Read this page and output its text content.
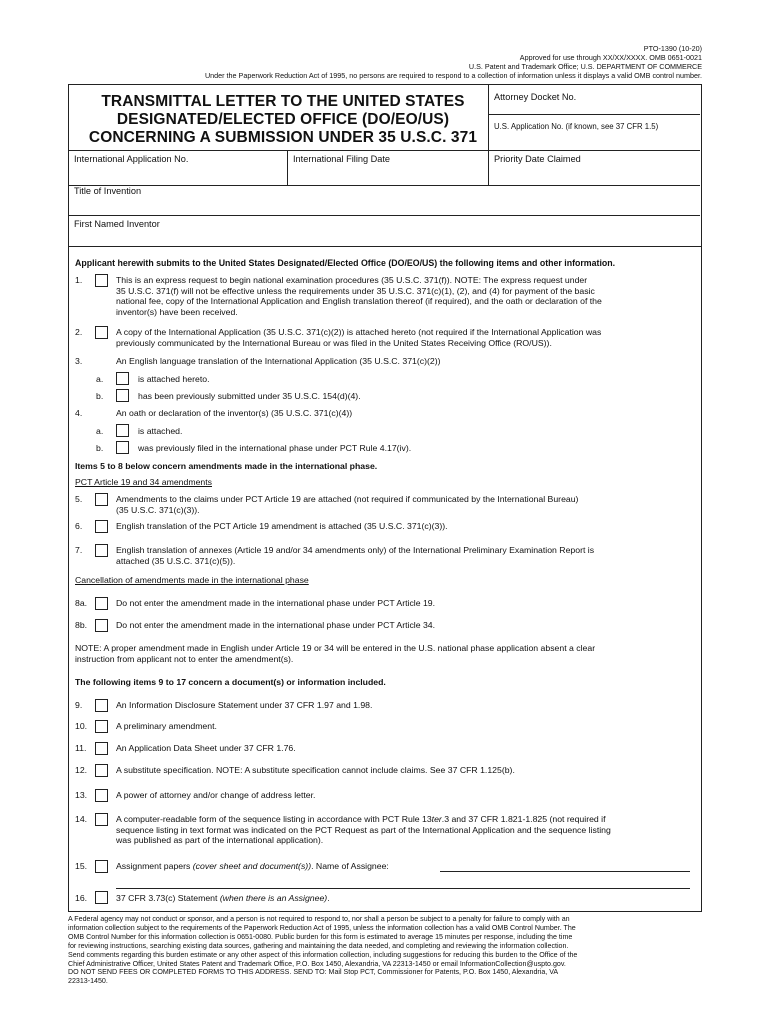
PTO-1390 (10-20)
Approved for use through XX/XX/XXXX. OMB 0651-0021
U.S. Patent and Trademark Office; U.S. DEPARTMENT OF COMMERCE
Under the Paperwork Reduction Act of 1995, no persons are required to respond to a collection of information unless it displays a valid OMB control number.
TRANSMITTAL LETTER TO THE UNITED STATES
DESIGNATED/ELECTED OFFICE (DO/EO/US)
CONCERNING A SUBMISSION UNDER 35 U.S.C. 371
Attorney Docket No.
U.S. Application No. (if known, see 37 CFR 1.5)
International Application No.	International Filing Date	Priority Date Claimed
Title of Invention
First Named Inventor
Applicant herewith submits to the United States Designated/Elected Office (DO/EO/US) the following items and other information.
1.	This is an express request to begin national examination procedures (35 U.S.C. 371(f)). NOTE: The express request under
35 U.S.C. 371(f) will not be effective unless the requirements under 35 U.S.C. 371(c)(1), (2), and (4) for payment of the basic
national fee, copy of the International Application and English translation thereof (if required), and the oath or declaration of the
inventor(s) have been received.
2.	A copy of the International Application (35 U.S.C. 371(c)(2)) is attached hereto (not required if the International Application was
previously communicated by the International Bureau or was filed in the United States Receiving Office (RO/US)).
3.	An English language translation of the International Application (35 U.S.C. 371(c)(2))
a.	is attached hereto.
b.	has been previously submitted under 35 U.S.C. 154(d)(4).
4.	An oath or declaration of the inventor(s) (35 U.S.C. 371(c)(4))
a.	is attached.
b.	was previously filed in the international phase under PCT Rule 4.17(iv).
Items 5 to 8 below concern amendments made in the international phase.
PCT Article 19 and 34 amendments
5.	Amendments to the claims under PCT Article 19 are attached (not required if communicated by the International Bureau)
(35 U.S.C. 371(c)(3)).
6.	English translation of the PCT Article 19 amendment is attached (35 U.S.C. 371(c)(3)).
7.	English translation of annexes (Article 19 and/or 34 amendments only) of the International Preliminary Examination Report is
attached (35 U.S.C. 371(c)(5)).
Cancellation of amendments made in the international phase
8a.	Do not enter the amendment made in the international phase under PCT Article 19.
8b.	Do not enter the amendment made in the international phase under PCT Article 34.
NOTE: A proper amendment made in English under Article 19 or 34 will be entered in the U.S. national phase application absent a clear
instruction from applicant not to enter the amendment(s).
The following items 9 to 17 concern a document(s) or information included.
9.	An Information Disclosure Statement under 37 CFR 1.97 and 1.98.
10.	A preliminary amendment.
11.	An Application Data Sheet under 37 CFR 1.76.
12.	A substitute specification. NOTE: A substitute specification cannot include claims. See 37 CFR 1.125(b).
13.	A power of attorney and/or change of address letter.
14.	A computer-readable form of the sequence listing in accordance with PCT Rule 13ter.3 and 37 CFR 1.821-1.825 (not required if
sequence listing in text format was indicated on the PCT Request as part of the International Application and the sequence listing
was published as part of the international application).
15.	Assignment papers (cover sheet and document(s)). Name of Assignee:
16.	37 CFR 3.73(c) Statement (when there is an Assignee).
A Federal agency may not conduct or sponsor, and a person is not required to respond to, nor shall a person be subject to a penalty for failure to comply with an
information collection subject to the requirements of the Paperwork Reduction Act of 1995, unless the information collection has a valid OMB Control Number. The
OMB Control Number for this information collection is 0651-0080. Public burden for this form is estimated to average 15 minutes per response, including the time
for reviewing instructions, searching existing data sources, gathering and maintaining the data needed, and completing and reviewing the information collection.
Send comments regarding this burden estimate or any other aspect of this information collection, including suggestions for reducing this burden to the Office of the
Chief Administrative Officer, United States Patent and Trademark Office, P.O. Box 1450, Alexandria, VA 22313-1450 or email InformationCollection@uspto.gov.
DO NOT SEND FEES OR COMPLETED FORMS TO THIS ADDRESS. SEND TO: Mail Stop PCT, Commissioner for Patents, P.O. Box 1450, Alexandria, VA
22313-1450.
